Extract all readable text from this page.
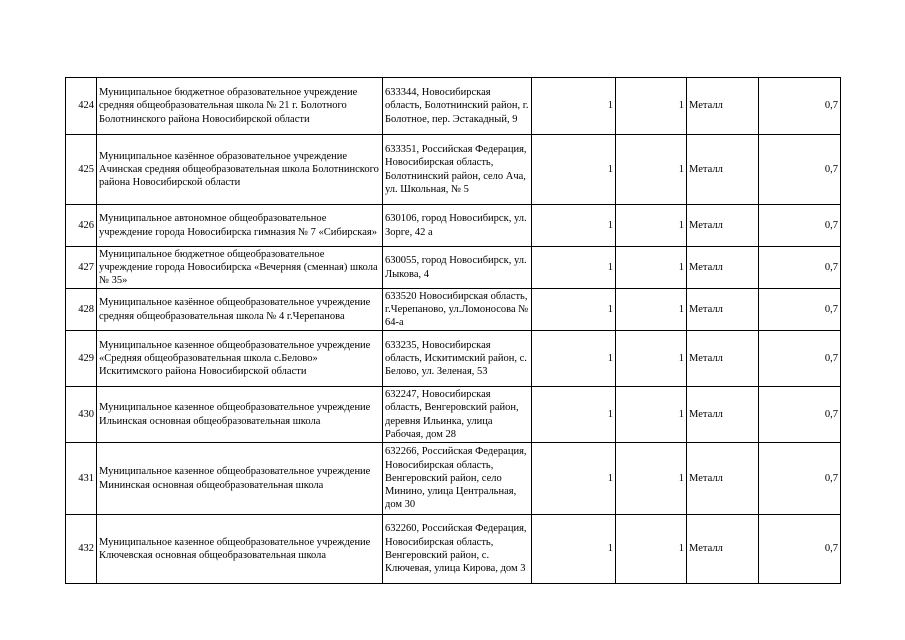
424	Муниципальное бюджетное образовательное учреждение средняя общеобразовательная школа № 21 г. Болотного Болотнинского района Новосибирской области	633344, Новосибирская область, Болотнинский район, г. Болотное, пер. Эстакадный, 9	1	1	Металл	0,7
425	Муниципальное казённое образовательное учреждение Ачинская средняя общеобразовательная школа Болотнинского района Новосибирской области	633351, Российская Федерация, Новосибирская область, Болотнинский район, село Ача, ул. Школьная, № 5	1	1	Металл	0,7
426	Муниципальное автономное общеобразовательное учреждение города Новосибирска гимназия № 7 «Сибирская»	630106, город Новосибирск, ул. Зорге, 42 а	1	1	Металл	0,7
427	Муниципальное бюджетное общеобразовательное учреждение города Новосибирска «Вечерняя (сменная) школа № 35»	630055, город Новосибирск, ул. Лыкова, 4	1	1	Металл	0,7
428	Муниципальное казённое общеобразовательное учреждение средняя общеобразовательная школа № 4 г.Черепанова	633520 Новосибирская область, г.Черепаново, ул.Ломоносова № 64-а	1	1	Металл	0,7
429	Муниципальное казенное общеобразовательное учреждение «Средняя общеобразовательная школа с.Белово» Искитимского района Новосибирской области	633235, Новосибирская область, Искитимский район, с. Белово, ул. Зеленая, 53	1	1	Металл	0,7
430	Муниципальное казенное общеобразовательное учреждение Ильинская основная общеобразовательная школа	632247, Новосибирская область, Венгеровский район, деревня Ильинка, улица Рабочая, дом 28	1	1	Металл	0,7
431	Муниципальное казенное общеобразовательное учреждение Мининская основная общеобразовательная школа	632266, Российская Федерация, Новосибирская область, Венгеровский район, село Минино, улица Центральная, дом 30	1	1	Металл	0,7
432	Муниципальное казенное общеобразовательное учреждение Ключевская основная общеобразовательная школа	632260, Российская Федерация, Новосибирская область, Венгеровский район, с. Ключевая, улица Кирова, дом 3	1	1	Металл	0,7
